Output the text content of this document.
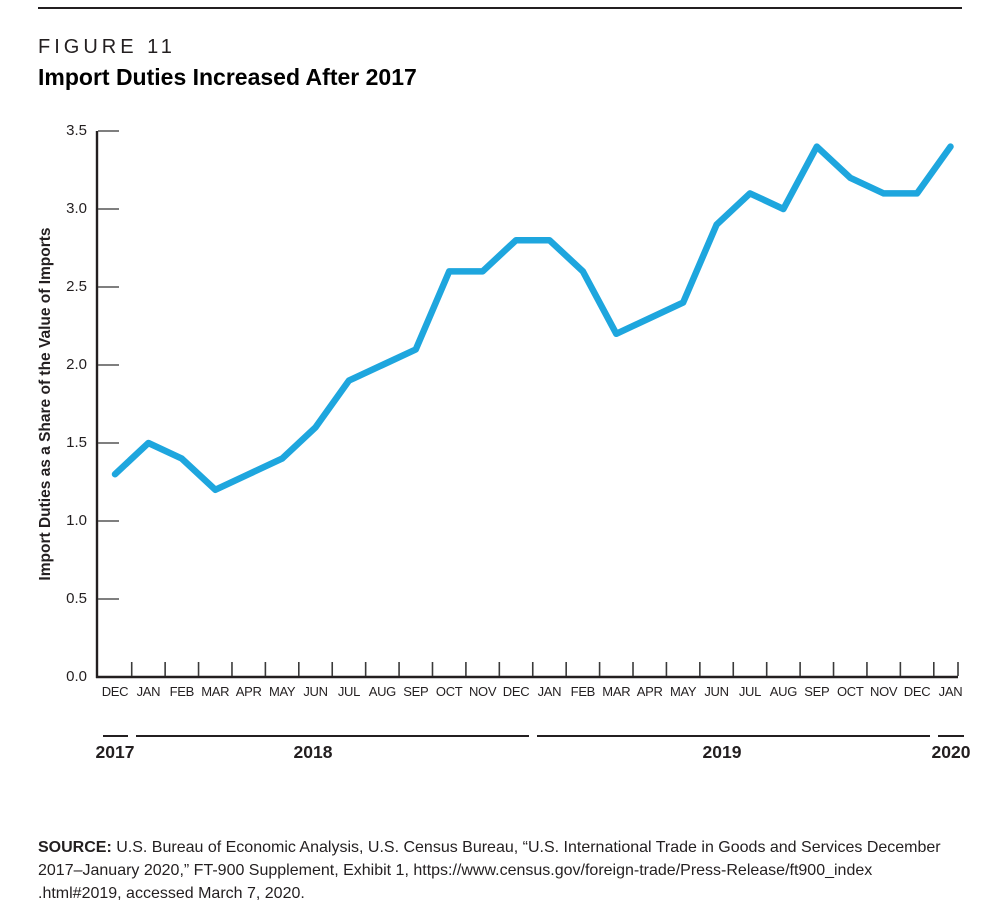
FIGURE 11
Import Duties Increased After 2017
Import Duties as a Share of the Value of Imports
0.0
0.5
1.0
1.5
2.0
2.5
3.0
3.5
DEC JAN FEB MAR APR MAY JUN JUL AUG SEP OCT NOV DEC JAN FEB MAR APR MAY JUN JUL AUG SEP OCT NOV DEC JAN
2017	2018	2019	2020

SOURCE: U.S. Bureau of Economic Analysis, U.S. Census Bureau, “U.S. International Trade in Goods and Services December
2017–January 2020,” FT-900 Supplement, Exhibit 1, https://www.census.gov/foreign-trade/Press-Release/ft900_index
.html#2019, accessed March 7, 2020.
